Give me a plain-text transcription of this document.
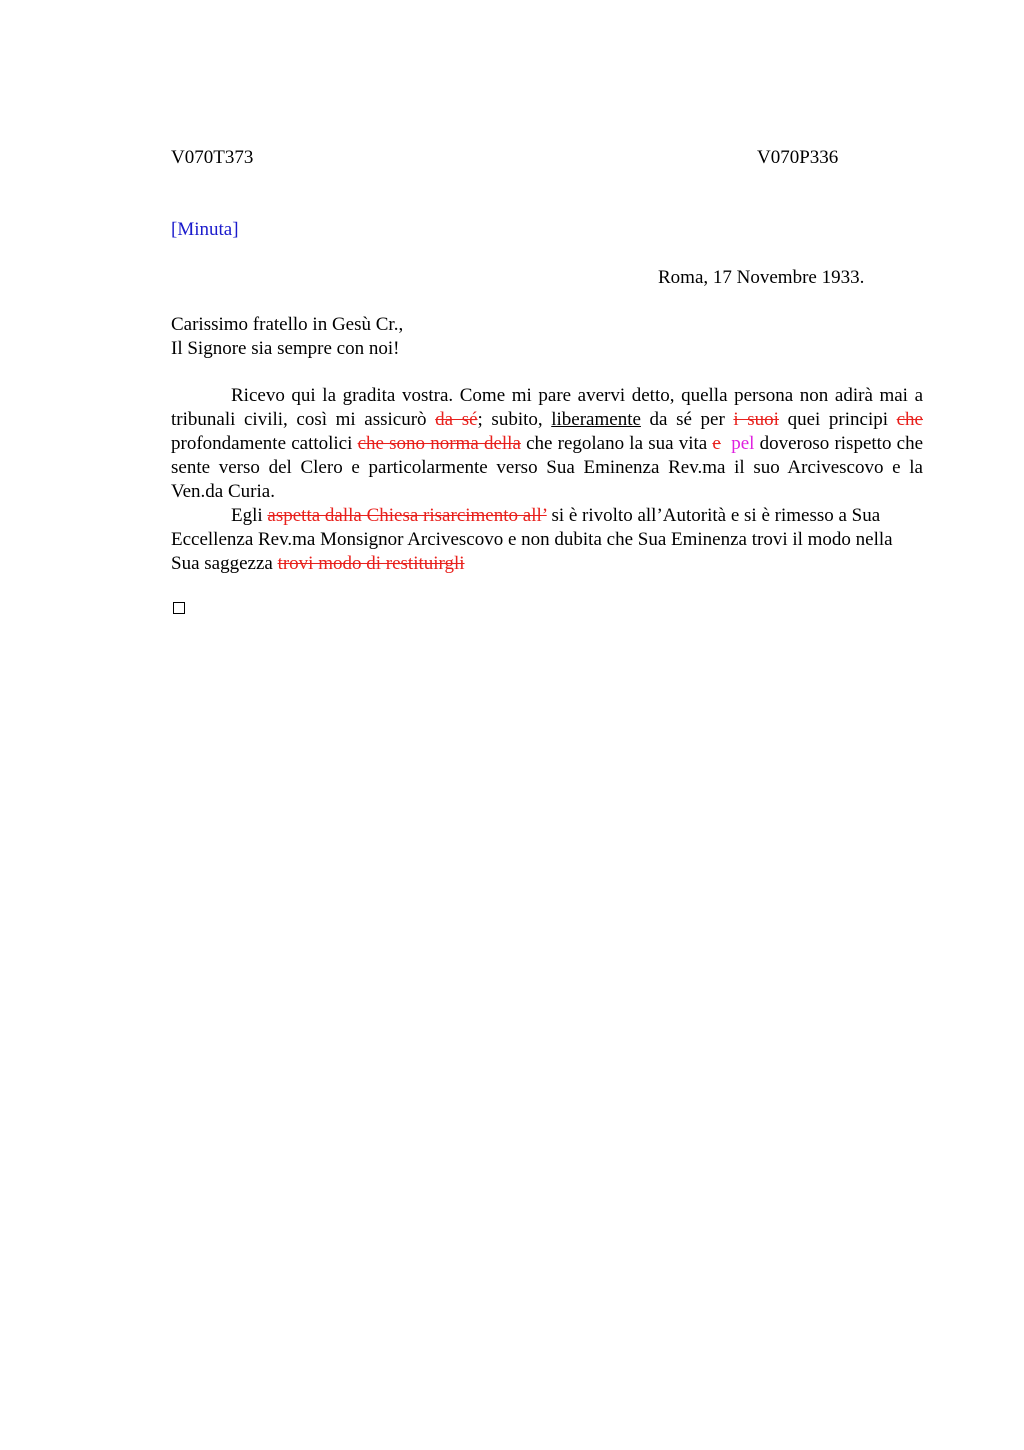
V070T373	V070P336
[Minuta]
Roma, 17 Novembre 1933.
Carissimo fratello in Gesù Cr.,
Il Signore sia sempre con noi!

Ricevo qui la gradita vostra. Come mi pare avervi detto, quella persona non adirà mai a tribunali civili, così mi assicurò da sé; subito, liberamente da sé per i suoi quei principi che profondamente cattolici che sono norma della che regolano la sua vita e pel doveroso rispetto che sente verso del Clero e particolarmente verso Sua Eminenza Rev.ma il suo Arcivescovo e la Ven.da Curia.

Egli aspetta dalla Chiesa risarcimento all’ si è rivolto all’Autorità e si è rimesso a Sua Eccellenza Rev.ma Monsignor Arcivescovo e non dubita che Sua Eminenza trovi il modo nella Sua saggezza trovi modo di restituirgli
